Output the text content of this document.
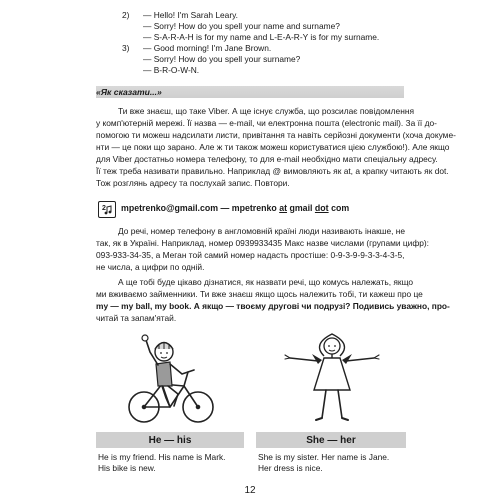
2) — Hello! I'm Sarah Leary.
— Sorry! How do you spell your name and surname?
— S-A-R-A-H is for my name and L-E-A-R-Y is for my surname.
3) — Good morning! I'm Jane Brown.
— Sorry! How do you spell your surname?
— B-R-O-W-N.
«Як сказати...»
Ти вже знаєш, що таке Viber. А ще існує служба, що розсилає повідомлення
у комп'ютерній мережі. Її назва — e-mail, чи електронна пошта (electronic mail). За її до-
помогою ти можеш надсилати листи, привітання та навіть серйозні документи (хоча докуме-
нти — це поки що зарано. Але ж ти також можеш користуватися цією службою!). Але якщо
для Viber достатньо номера телефону, то для e-mail необхідно мати спеціальну адресу.
Її теж треба називати правильно. Наприклад @ вимовляють як at, а крапку читають як dot.
Тож розглянь адресу та послухай запис. Повтори.
2 mpetrenko@gmail.com — mpetrenko at gmail dot com
До речі, номер телефону в англомовній країні люди називають інакше, не
так, як в Україні. Наприклад, номер 0939933435 Макс назве числами (групами цифр):
093-933-34-35, а Меган той самий номер надасть простіше: 0-9-3-9-9-3-3-4-3-5,
не числа, а цифри по одній.
А ще тобі буде цікаво дізнатися, як назвати речі, що комусь належать, якщо
ми вживаємо займенники. Ти вже знаєш якщо щось належить тобі, ти кажеш про це
my — my ball, my book. А якщо — твоєму другові чи подрузі? Подивись уважно, про-
читай та запам'ятай.
He — his	She — her
He is my friend. His name is Mark.
His bike is new.
She is my sister. Her name is Jane.
Her dress is nice.
12
